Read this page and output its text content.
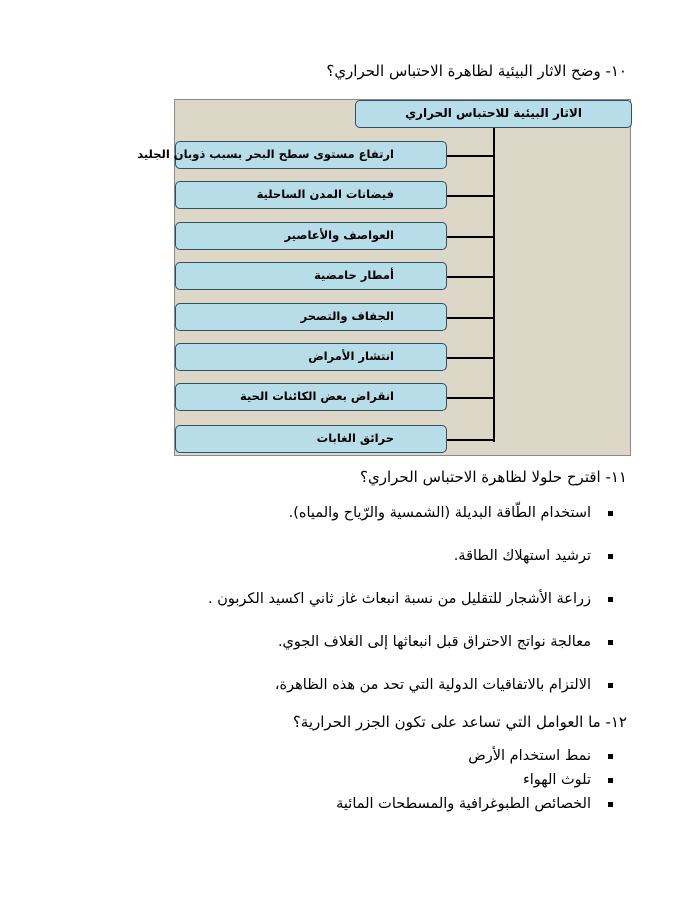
١٠- وضح الاثار البيئية لظاهرة الاحتباس الحراري؟
الاثار البيئية للاحتباس الحراري
ارتفاع مستوى سطح البحر بسبب ذوبان الجليد
فيضانات المدن الساحلية
العواصف والأعاصير
أمطار حامضية
الجفاف والتصحر
انتشار الأمراض
انقراض بعض الكائنات الحية
حرائق الغابات
١١- اقترح حلولا لظاهرة الاحتباس الحراري؟
استخدام الطّاقة البديلة (الشمسية والرّياح والمياه).
ترشيد استهلاك الطاقة.
زراعة الأشجار للتقليل من نسبة انبعاث غاز ثاني اكسيد الكربون .
معالجة نواتج الاحتراق قبل انبعاثها إلى الغلاف الجوي.
الالتزام بالاتفاقيات الدولية التي تحد من هذه الظاهرة،
١٢- ما العوامل التي تساعد على تكون الجزر الحرارية؟
نمط استخدام الأرض
تلوث الهواء
الخصائص الطبوغرافية والمسطحات المائية
